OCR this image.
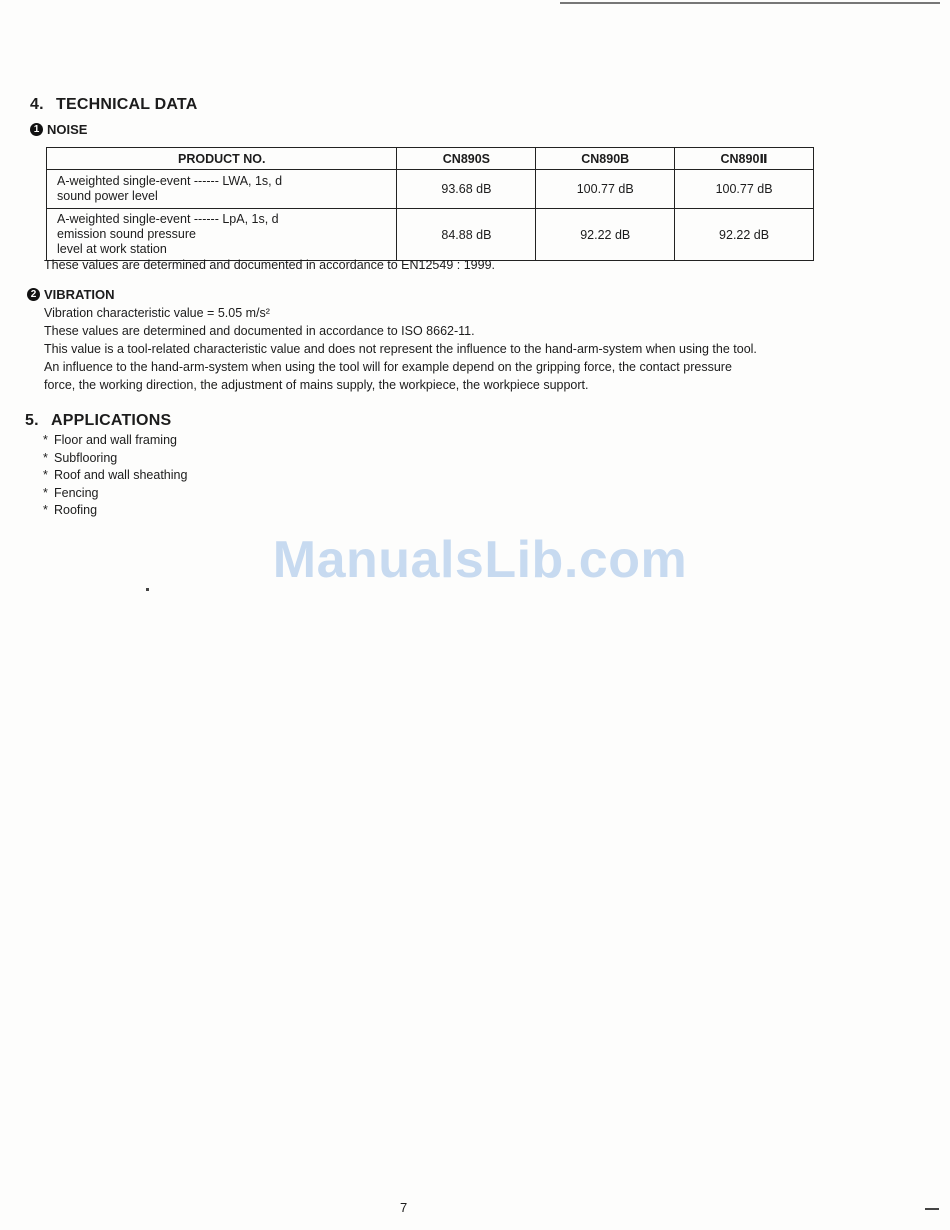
4. TECHNICAL DATA
1 NOISE
PRODUCT NO.	CN890S	CN890B	CN890Ⅱ

A-weighted single-event ------ LWA, 1s, d
sound power level	93.68 dB	100.77 dB	100.77 dB

A-weighted single-event ------ LpA, 1s, d
emission sound pressure
level at work station	84.88 dB	92.22 dB	92.22 dB
These values are determined and documented in accordance to EN12549 : 1999.
2 VIBRATION
Vibration characteristic value = 5.05 m/s²
These values are determined and documented in accordance to ISO 8662-11.
This value is a tool-related characteristic value and does not represent the influence to the hand-arm-system when using the tool.
An influence to the hand-arm-system when using the tool will for example depend on the gripping force, the contact pressure
force, the working direction, the adjustment of mains supply, the workpiece, the workpiece support.
5. APPLICATIONS
* Floor and wall framing
* Subflooring
* Roof and wall sheathing
* Fencing
* Roofing
ManualsLib.com
7
